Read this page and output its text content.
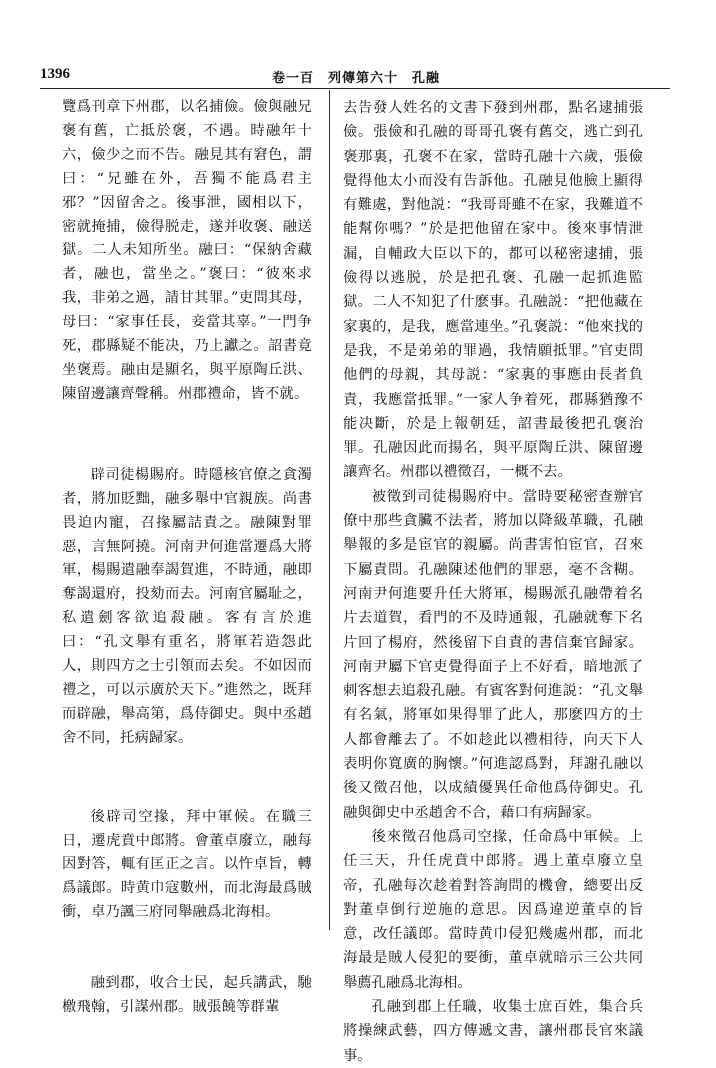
1396	卷一百　列傳第六十　孔融

覽爲刊章下州郡，以名捕儉。儉與融兄褒有舊，亡抵於褒，不遇。時融年十六，儉少之而不告。融見其有窘色，謂曰：“兄雖在外，吾獨不能爲君主邪？”因留舍之。後事泄，國相以下，密就掩捕，儉得脱走，遂并收褒、融送獄。二人未知所坐。融曰：“保納舍藏者，融也，當坐之。”褒曰：“彼來求我，非弟之過，請甘其罪。”吏問其母，母曰：“家事任長，妾當其辜。”一門争死，郡縣疑不能决，乃上讞之。詔書竟坐褒焉。融由是顯名，與平原陶丘洪、陳留邊讓齊聲稱。州郡禮命，皆不就。

辟司徒楊賜府。時隱核官僚之貪濁者，將加貶黜，融多舉中官親族。尚書畏迫内寵，召掾屬詰責之。融陳對罪惡，言無阿撓。河南尹何進當遷爲大將軍，楊賜遣融奉謁賀進，不時通，融即奪謁還府，投劾而去。河南官屬耻之，私遣劍客欲追殺融。客有言於進曰：“孔文舉有重名，將軍若造怨此人，則四方之士引領而去矣。不如因而禮之，可以示廣於天下。”進然之，既拜而辟融，舉高第，爲侍御史。與中丞趙舍不同，托病歸家。

後辟司空掾，拜中軍候。在職三日，遷虎賁中郎將。會董卓廢立，融每因對答，輒有匡正之言。以忤卓旨，轉爲議郎。時黄巾寇數州，而北海最爲賊衝，卓乃諷三府同舉融爲北海相。

融到郡，收合士民，起兵講武，馳檄飛翰，引謀州郡。賊張饒等群輩

去告發人姓名的文書下發到州郡，點名逮捕張儉。張儉和孔融的哥哥孔褒有舊交，逃亡到孔褒那裏，孔褒不在家，當時孔融十六歲，張儉覺得他太小而没有告訴他。孔融見他臉上顯得有難處，對他説：“我哥哥雖不在家，我難道不能幫你嗎？”於是把他留在家中。後來事情泄漏，自輔政大臣以下的，都可以秘密逮捕，張儉得以逃脱，於是把孔褒、孔融一起抓進監獄。二人不知犯了什麽事。孔融説：“把他藏在家裏的，是我，應當連坐。”孔褒説：“他來找的是我，不是弟弟的罪過，我情願抵罪。”官吏問他們的母親，其母説：“家裏的事應由長者負責，我應當抵罪。”一家人争着死，郡縣猶豫不能决斷，於是上報朝廷，詔書最後把孔褒治罪。孔融因此而揚名，與平原陶丘洪、陳留邊讓齊名。州郡以禮徵召，一概不去。

被徵到司徒楊賜府中。當時要秘密查辦官僚中那些貪臟不法者，將加以降級革職，孔融舉報的多是宦官的親屬。尚書害怕宦官，召來下屬責問。孔融陳述他們的罪惡，毫不含糊。河南尹何進要升任大將軍，楊賜派孔融帶着名片去道賀，看門的不及時通報，孔融就奪下名片回了楊府，然後留下自責的書信棄官歸家。河南尹屬下官吏覺得面子上不好看，暗地派了刺客想去追殺孔融。有賓客對何進説：“孔文舉有名氣，將軍如果得罪了此人，那麽四方的士人都會離去了。不如趁此以禮相待，向天下人表明你寬廣的胸懷。”何進認爲對，拜謝孔融以後又徵召他，以成績優異任命他爲侍御史。孔融與御史中丞趙舍不合，藉口有病歸家。

後來徵召他爲司空掾，任命爲中軍候。上任三天，升任虎賁中郎將。遇上董卓廢立皇帝，孔融每次趁着對答詢問的機會，總要出反對董卓倒行逆施的意思。因爲違逆董卓的旨意，改任議郎。當時黄巾侵犯幾處州郡，而北海最是賊人侵犯的要衝，董卓就暗示三公共同舉薦孔融爲北海相。

孔融到郡上任職，收集士庶百姓，集合兵將操練武藝，四方傳遞文書，讓州郡長官來議事。
